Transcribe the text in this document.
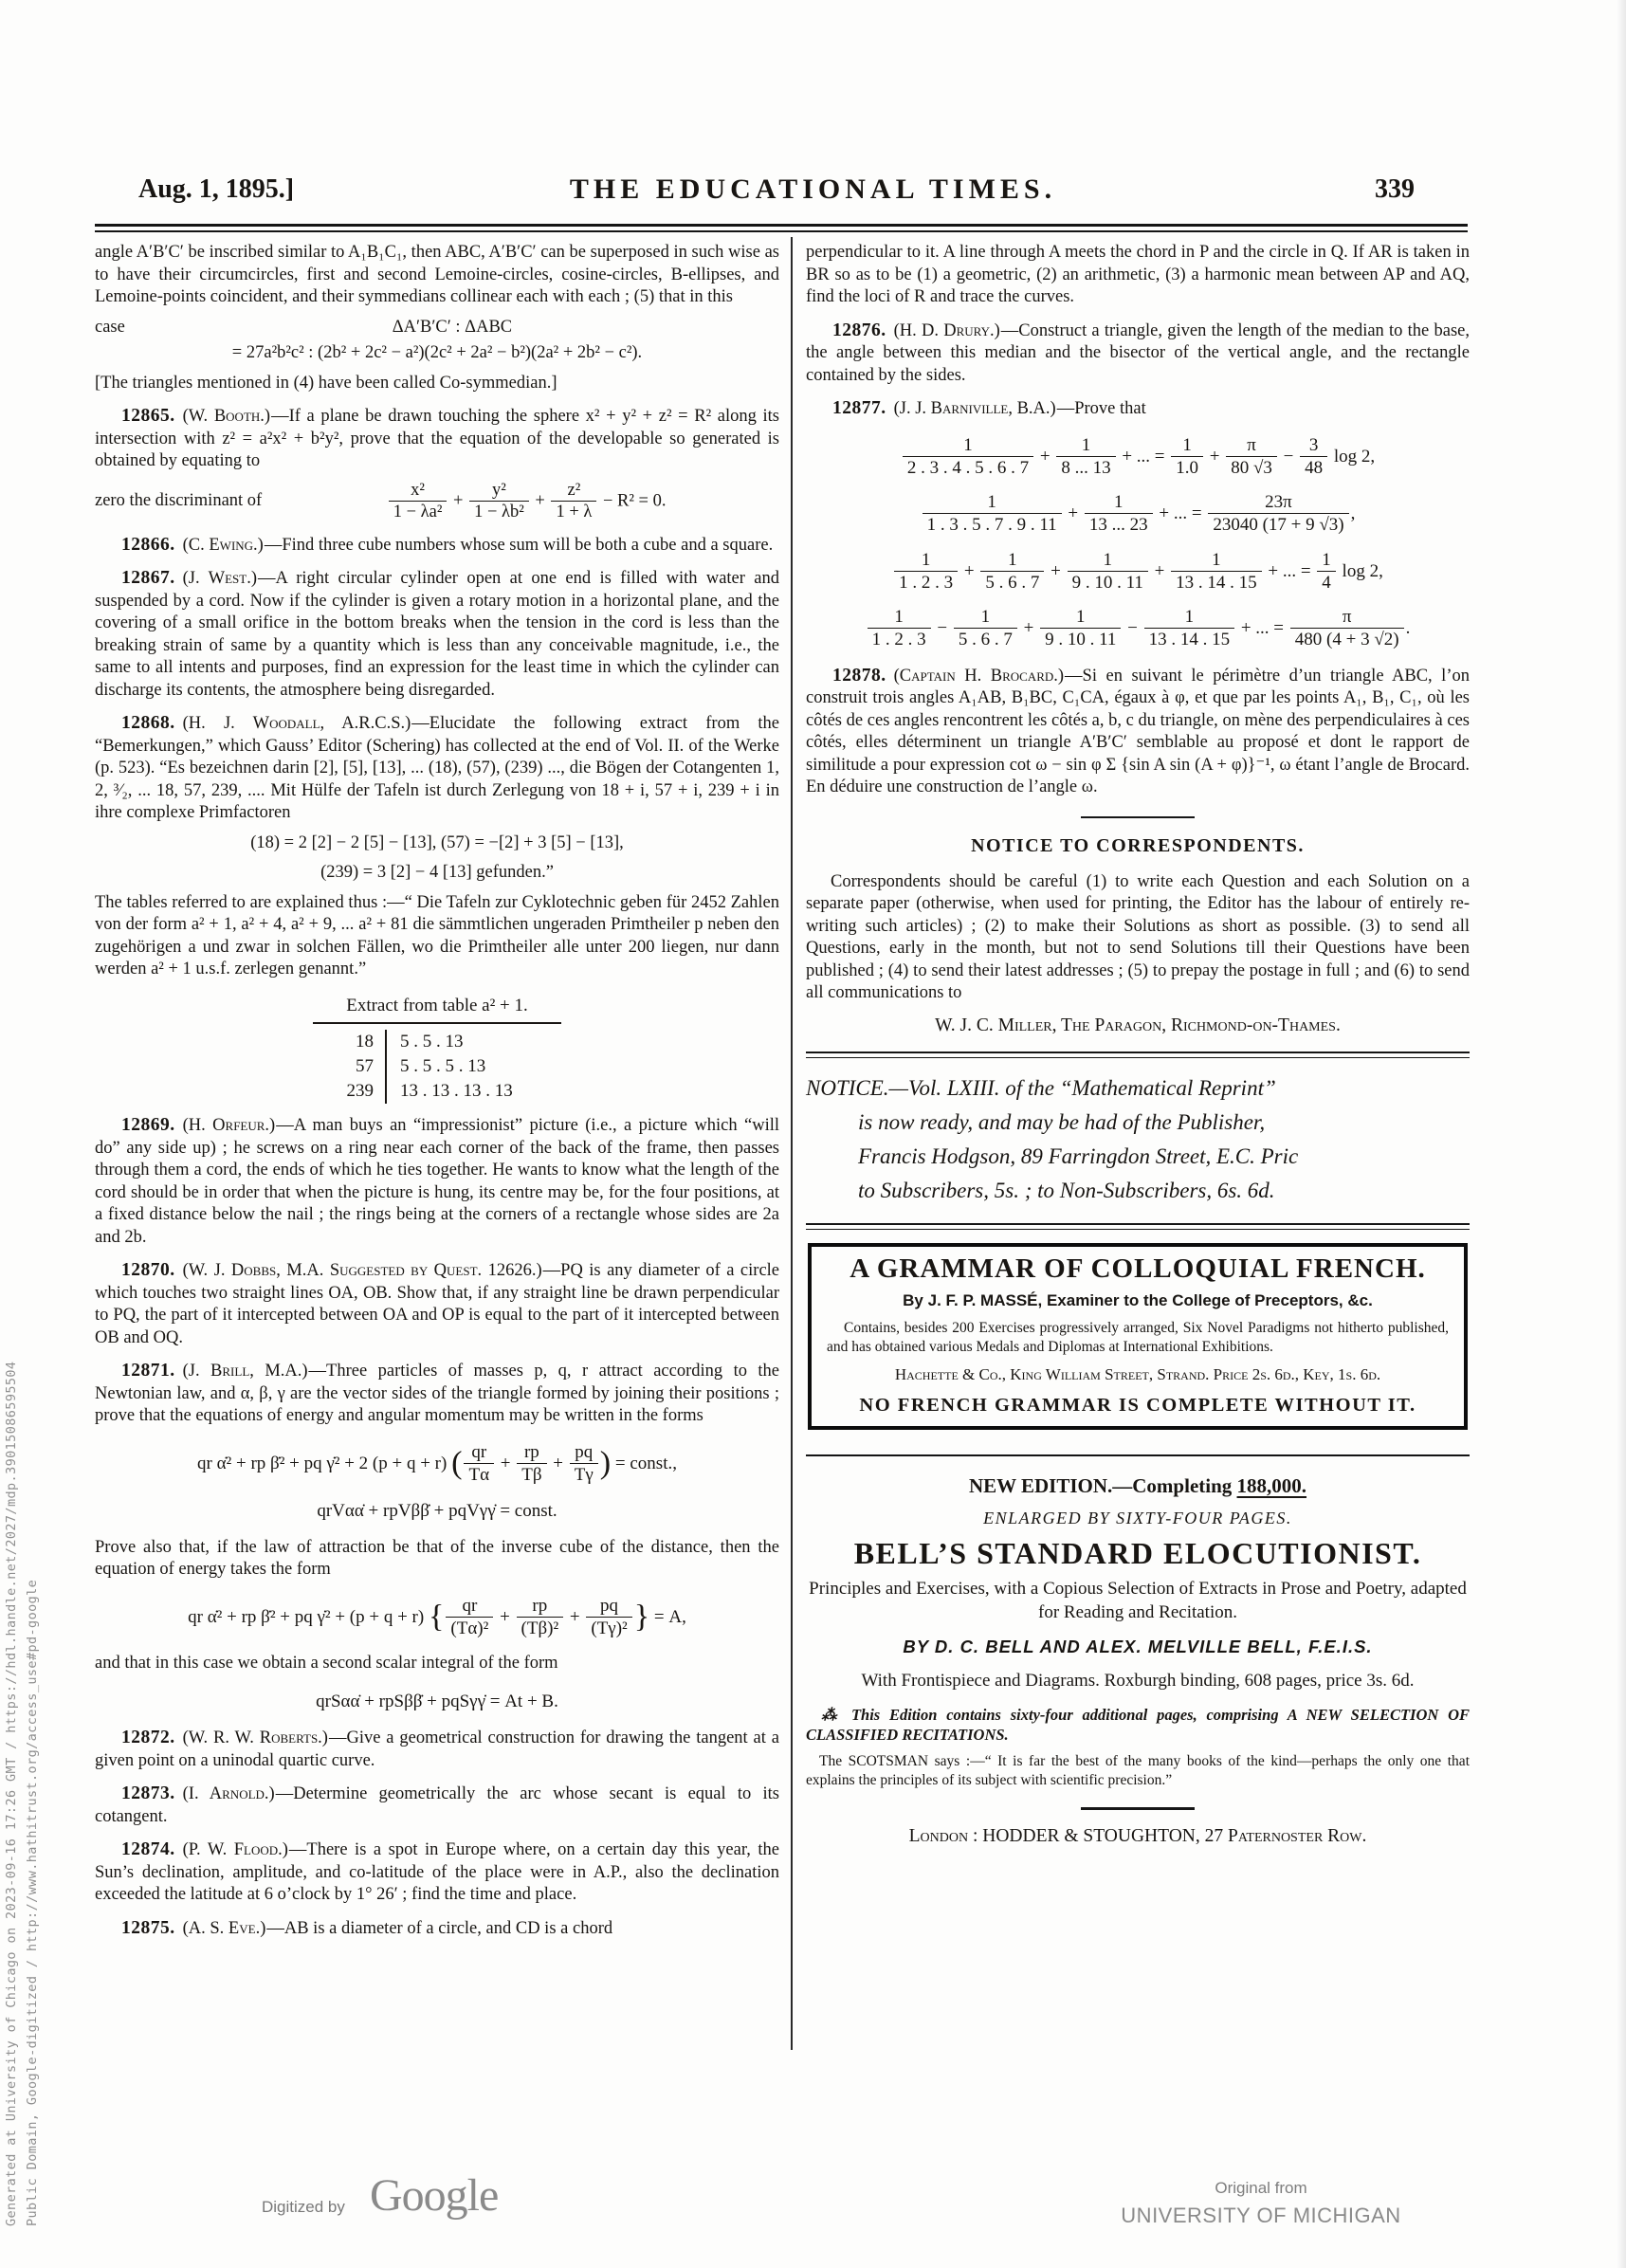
Generated at University of Chicago on 2023-09-16 17:26 GMT / https://hdl.handle.net/2027/mdp.39015086595504 Public Domain, Google-digitized / http://www.hathitrust.org/access_use#pd-google
Aug. 1, 1895.]	THE EDUCATIONAL TIMES.	339

angle A′B′C′ be inscribed similar to A₁B₁C₁, then ABC, A′B′C′ can be superposed in such wise as to have their circumcircles, first and second Lemoine-circles, cosine-circles, B-ellipses, and Lemoine-points coincident, and their symmedians collinear each with each ; (5) that in this

case	ΔA′B′C′ : ΔABC

= 27a²b²c² : (2b² + 2c² − a²)(2c² + 2a² − b²)(2a² + 2b² − c²).

[The triangles mentioned in (4) have been called Co-symmedian.]

12865. (W. Booth.)—If a plane be drawn touching the sphere x² + y² + z² = R² along its intersection with z² = a²x² + b²y², prove that the equation of the developable so generated is obtained by equating to

zero the discriminant of	$\frac{\text{x²}}{\text{1 − λa²}} + \frac{\text{y²}}{\text{1 − λb²}} + \frac{\text{z²}}{1 + \lambda} - R^2 = 0$.

12866. (C. Ewing.)—Find three cube numbers whose sum will be both a cube and a square.

12867. (J. West.)—A right circular cylinder open at one end is filled with water and suspended by a cord. Now if the cylinder is given a rotary motion in a horizontal plane, and the covering of a small orifice in the bottom breaks when the tension in the cord is less than the breaking strain of same by a quantity which is less than any conceivable magnitude, i.e., the same to all intents and purposes, find an expression for the least time in which the cylinder can discharge its contents, the atmosphere being disregarded.

12868. (H. J. Woodall, A.R.C.S.)—Elucidate the following extract from the “Bemerkungen,” which Gauss’ Editor (Schering) has collected at the end of Vol. II. of the Werke (p. 523). “Es bezeichnen darin [2], [5], [13], ... (18), (57), (239) ..., die Bögen der Cotangenten 1, 2, ³⁄₂, ... 18, 57, 239, .... Mit Hülfe der Tafeln ist durch Zerlegung von 18 + i, 57 + i, 239 + i in ihre complexe Primfactoren

(18) = 2 [2] − 2 [5] − [13], (57) = −[2] + 3 [5] − [13],

(239) = 3 [2] − 4 [13] gefunden.”

The tables referred to are explained thus :—“ Die Tafeln zur Cyklotechnic geben für 2452 Zahlen von der form a² + 1, a² + 4, a² + 9, ... a² + 81 die sämmtlichen ungeraden Primtheiler p neben den zugehörigen a und zwar in solchen Fällen, wo die Primtheiler alle unter 200 liegen, nur dann werden a² + 1 u.s.f. zerlegen genannt.”

Extract from table a² + 1.
18	5 . 5 . 13
57	5 . 5 . 5 . 13
239	13 . 13 . 13 . 13

12869. (H. Orfeur.)—A man buys an “impressionist” picture (i.e., a picture which “will do” any side up) ; he screws on a ring near each corner of the back of the frame, then passes through them a cord, the ends of which he ties together. He wants to know what the length of the cord should be in order that when the picture is hung, its centre may be, for the four positions, at a fixed distance below the nail ; the rings being at the corners of a rectangle whose sides are 2a and 2b.

12870. (W. J. Dobbs, M.A. Suggested by Quest. 12626.)—PQ is any diameter of a circle which touches two straight lines OA, OB. Show that, if any straight line be drawn perpendicular to PQ, the part of it intercepted between OA and OP is equal to the part of it intercepted between OB and OQ.

12871. (J. Brill, M.A.)—Three particles of masses p, q, r attract according to the Newtonian law, and α, β, γ are the vector sides of the triangle formed by joining their positions ; prove that the equations of energy and angular momentum may be written in the forms

qr α̇² + rp β̇² + pq γ̇² + 2 (p + q + r) ( $\frac{qr}{T\alpha} + \frac{rp}{T\beta} + \frac{pq}{T\gamma}$ ) = const.,
qrVαα̇ + rpVββ̇ + pqVγγ̇ = const.

Prove also that, if the law of attraction be that of the inverse cube of the distance, then the equation of energy takes the form

qr α̇² + rp β̇² + pq γ̇² + (p + q + r) { $\frac{qr}{\text{(Tα)²}} + \frac{rp}{\text{(Tβ)²}} + \frac{pq}{\text{(Tγ)²}}$ } = A,

and that in this case we obtain a second scalar integral of the form

qrSαα̇ + rpSββ̇ + pqSγγ̇ = At + B.

12872. (W. R. W. Roberts.)—Give a geometrical construction for drawing the tangent at a given point on a uninodal quartic curve.

12873. (I. Arnold.)—Determine geometrically the arc whose secant is equal to its cotangent.

12874. (P. W. Flood.)—There is a spot in Europe where, on a certain day this year, the Sun’s declination, amplitude, and co-latitude of the place were in A.P., also the declination exceeded the latitude at 6 o’clock by 1° 26′ ; find the time and place.

12875. (A. S. Eve.)—AB is a diameter of a circle, and CD is a chord

perpendicular to it. A line through A meets the chord in P and the circle in Q. If AR is taken in BR so as to be (1) a geometric, (2) an arithmetic, (3) a harmonic mean between AP and AQ, find the loci of R and trace the curves.

12876. (H. D. Drury.)—Construct a triangle, given the length of the median to the base, the angle between this median and the bisector of the vertical angle, and the rectangle contained by the sides.

12877. (J. J. Barniville, B.A.)—Prove that

$\frac{1}{2 . 3 . 4 . 5 . 6 . 7} + \frac{1}{8 ... 13}$ + ... = $\frac{1}{1.0} + \frac{\pi}{80 √3} - \frac{3}{48}$ log 2,
$\frac{1}{1 . 3 . 5 . 7 . 9 . 11} + \frac{1}{13 ... 23}$ + ... = $\frac{23\pi}{23040 (17 + 9 √3)}$ ,
$\frac{1}{1 . 2 . 3} + \frac{1}{5 . 6 . 7} + \frac{1}{9 . 10 . 11} + \frac{1}{13 . 14 . 15}$ + ... = $\frac{1}{4}$ log 2,
$\frac{1}{1 . 2 . 3} - \frac{1}{5 . 6 . 7} + \frac{1}{9 . 10 . 11} - \frac{1}{13 . 14 . 15}$ + ... = $\frac{\pi}{480 (4 + 3 √2)}$ .

12878. (Captain H. Brocard.)—Si en suivant le périmètre d’un triangle ABC, l’on construit trois angles A₁AB, B₁BC, C₁CA, égaux à φ, et que par les points A₁, B₁, C₁, où les côtés de ces angles rencontrent les côtés a, b, c du triangle, on mène des perpendiculaires à ces côtés, elles déterminent un triangle A′B′C′ semblable au proposé et dont le rapport de similitude a pour expression cot ω − sin φ Σ {sin A sin (A + φ)}⁻¹, ω étant l’angle de Brocard. En déduire une construction de l’angle ω.

NOTICE TO CORRESPONDENTS.

Correspondents should be careful (1) to write each Question and each Solution on a separate paper (otherwise, when used for printing, the Editor has the labour of entirely re-writing such articles) ; (2) to make their Solutions as short as possible. (3) to send all Questions, early in the month, but not to send Solutions till their Questions have been published ; (4) to send their latest addresses ; (5) to prepay the postage in full ; and (6) to send all communications to

W. J. C. Miller, The Paragon, Richmond-on-Thames.

NOTICE.—Vol. LXIII. of the “Mathematical Reprint”
is now ready, and may be had of the Publisher,
Francis Hodgson, 89 Farringdon Street, E.C. Pric
to Subscribers, 5s. ; to Non-Subscribers, 6s. 6d.
A GRAMMAR OF COLLOQUIAL FRENCH.
By J. F. P. MASSÉ, Examiner to the College of Preceptors, &c.

Contains, besides 200 Exercises progressively arranged, Six Novel Paradigms not hitherto published, and has obtained various Medals and Diplomas at International Exhibitions.

Hachette & Co., King William Street, Strand. Price 2s. 6d., Key, 1s. 6d.
NO FRENCH GRAMMAR IS COMPLETE WITHOUT IT.

NEW EDITION.—Completing 188,000.

ENLARGED BY SIXTY-FOUR PAGES.

BELL’S STANDARD ELOCUTIONIST.

Principles and Exercises, with a Copious Selection of Extracts in Prose and Poetry, adapted for Reading and Recitation.

BY D. C. BELL AND ALEX. MELVILLE BELL, F.E.I.S.

With Frontispiece and Diagrams. Roxburgh binding, 608 pages, price 3s. 6d.

⁂ This Edition contains sixty-four additional pages, comprising A NEW SELECTION OF CLASSIFIED RECITATIONS.

The SCOTSMAN says :—“ It is far the best of the many books of the kind—perhaps the only one that explains the principles of its subject with scientific precision.”

London : HODDER & STOUGHTON, 27 Paternoster Row.

Digitized by Google	Original from
UNIVERSITY OF MICHIGAN
